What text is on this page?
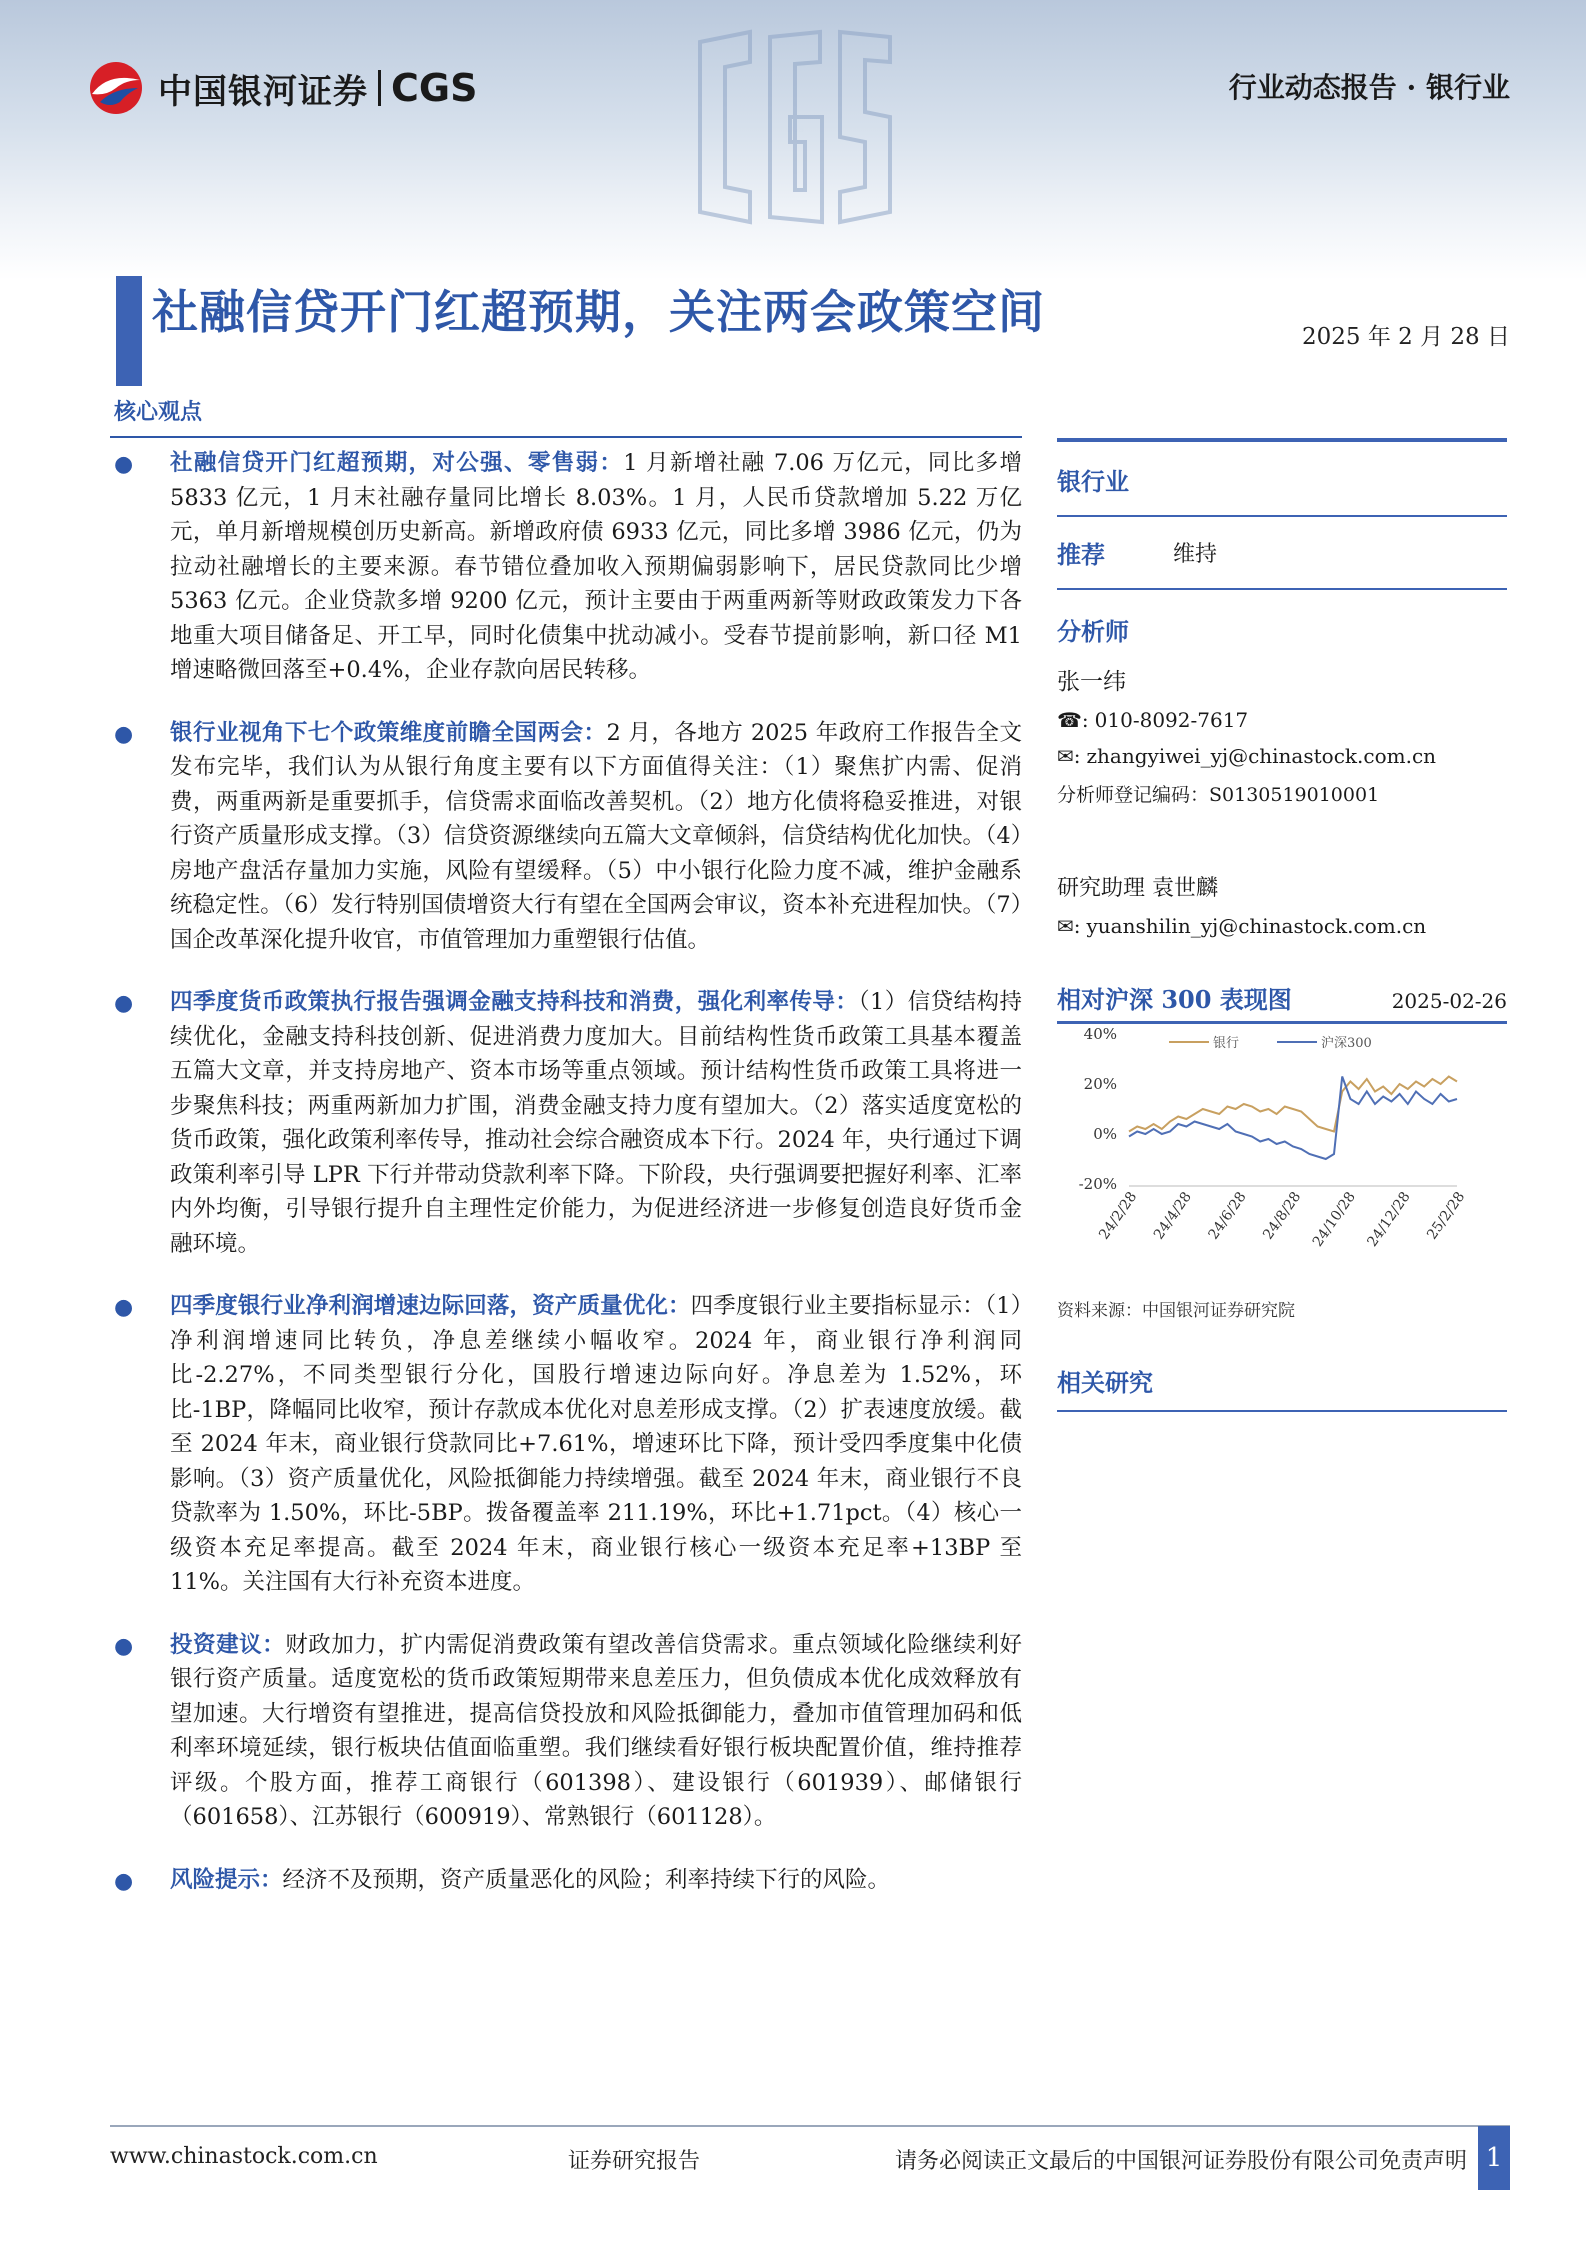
中国银河证券 CGS	行业动态报告 · 银行业
社融信贷开门红超预期，关注两会政策空间	2025 年 2 月 28 日
核心观点
● 社融信贷开门红超预期，对公强、零售弱：1 月新增社融 7.06 万亿元，同比多增 5833 亿元，1 月末社融存量同比增长 8.03%。1 月，人民币贷款增加 5.22 万亿元，单月新增规模创历史新高。新增政府债 6933 亿元，同比多增 3986 亿元，仍为拉动社融增长的主要来源。春节错位叠加收入预期偏弱影响下，居民贷款同比少增 5363 亿元。企业贷款多增 9200 亿元，预计主要由于两重两新等财政政策发力下各地重大项目储备足、开工早，同时化债集中扰动减小。受春节提前影响，新口径 M1 增速略微回落至+0.4%，企业存款向居民转移。
● 银行业视角下七个政策维度前瞻全国两会：2 月，各地方 2025 年政府工作报告全文发布完毕，我们认为从银行角度主要有以下方面值得关注：（1）聚焦扩内需、促消费，两重两新是重要抓手，信贷需求面临改善契机。（2）地方化债将稳妥推进，对银行资产质量形成支撑。（3）信贷资源继续向五篇大文章倾斜，信贷结构优化加快。（4）房地产盘活存量加力实施，风险有望缓释。（5）中小银行化险力度不减，维护金融系统稳定性。（6）发行特别国债增资大行有望在全国两会审议，资本补充进程加快。（7）国企改革深化提升收官，市值管理加力重塑银行估值。
● 四季度货币政策执行报告强调金融支持科技和消费，强化利率传导：（1）信贷结构持续优化，金融支持科技创新、促进消费力度加大。目前结构性货币政策工具基本覆盖五篇大文章，并支持房地产、资本市场等重点领域。预计结构性货币政策工具将进一步聚焦科技；两重两新加力扩围，消费金融支持力度有望加大。（2）落实适度宽松的货币政策，强化政策利率传导，推动社会综合融资成本下行。2024 年，央行通过下调政策利率引导 LPR 下行并带动贷款利率下降。下阶段，央行强调要把握好利率、汇率内外均衡，引导银行提升自主理性定价能力，为促进经济进一步修复创造良好货币金融环境。
● 四季度银行业净利润增速边际回落，资产质量优化：四季度银行业主要指标显示：（1）净利润增速同比转负，净息差继续小幅收窄。2024 年，商业银行净利润同比-2.27%，不同类型银行分化，国股行增速边际向好。净息差为 1.52%，环比-1BP，降幅同比收窄，预计存款成本优化对息差形成支撑。（2）扩表速度放缓。截至 2024 年末，商业银行贷款同比+7.61%，增速环比下降，预计受四季度集中化债影响。（3）资产质量优化，风险抵御能力持续增强。截至 2024 年末，商业银行不良贷款率为 1.50%，环比-5BP。拨备覆盖率 211.19%，环比+1.71pct。（4）核心一级资本充足率提高。截至 2024 年末，商业银行核心一级资本充足率+13BP 至 11%。关注国有大行补充资本进度。
● 投资建议：财政加力，扩内需促消费政策有望改善信贷需求。重点领域化险继续利好银行资产质量。适度宽松的货币政策短期带来息差压力，但负债成本优化成效释放有望加速。大行增资有望推进，提高信贷投放和风险抵御能力，叠加市值管理加码和低利率环境延续，银行板块估值面临重塑。我们继续看好银行板块配置价值，维持推荐评级。个股方面，推荐工商银行（601398）、建设银行（601939）、邮储银行（601658）、江苏银行（600919）、常熟银行（601128）。
● 风险提示：经济不及预期，资产质量恶化的风险；利率持续下行的风险。
银行业
推荐	维持
分析师
张一纬
☎: 010-8092-7617
✉: zhangyiwei_yj@chinastock.com.cn
分析师登记编码：S0130519010001
研究助理 袁世麟
✉: yuanshilin_yj@chinastock.com.cn
相对沪深 300 表现图	2025-02-26
40%
20%
0%
-20%
24/2/28 24/4/28 24/6/28 24/8/28 24/10/28 24/12/28 25/2/28
银行	沪深300
资料来源：中国银河证券研究院
相关研究
www.chinastock.com.cn	证券研究报告	请务必阅读正文最后的中国银河证券股份有限公司免责声明 1
